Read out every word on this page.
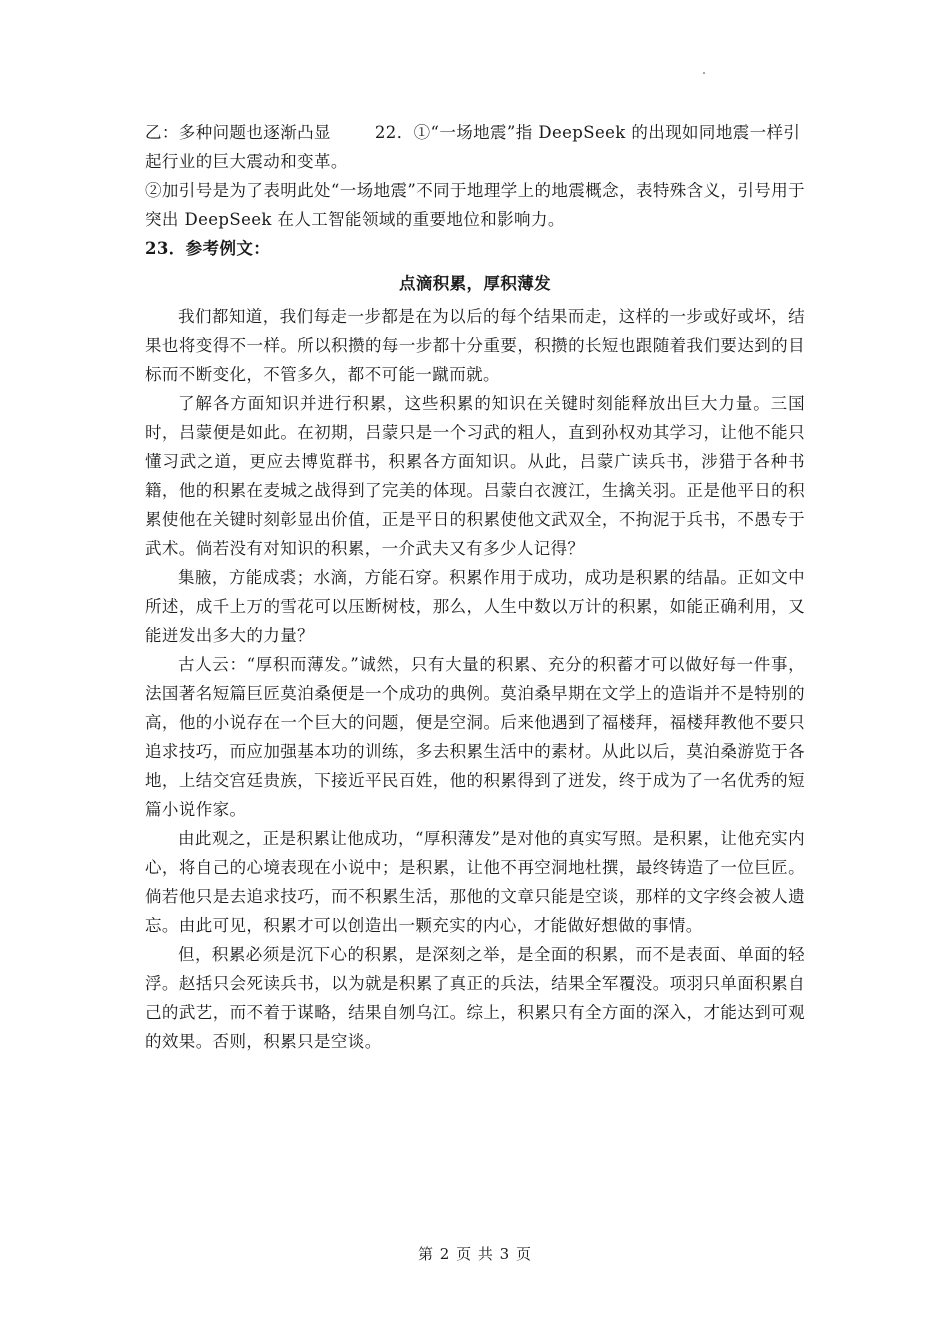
乙：多种问题也逐渐凸显	22．①“一场地震”指 DeepSeek 的出现如同地震一样引

起行业的巨大震动和变革。

②加引号是为了表明此处“一场地震”不同于地理学上的地震概念，表特殊含义，引号用于突出 DeepSeek 在人工智能领域的重要地位和影响力。

23．参考例文：

点滴积累，厚积薄发

我们都知道，我们每走一步都是在为以后的每个结果而走，这样的一步或好或坏，结果也将变得不一样。所以积攒的每一步都十分重要，积攒的长短也跟随着我们要达到的目标而不断变化，不管多久，都不可能一蹴而就。

了解各方面知识并进行积累，这些积累的知识在关键时刻能释放出巨大力量。三国时，吕蒙便是如此。在初期，吕蒙只是一个习武的粗人，直到孙权劝其学习，让他不能只懂习武之道，更应去博览群书，积累各方面知识。从此，吕蒙广读兵书，涉猎于各种书籍，他的积累在麦城之战得到了完美的体现。吕蒙白衣渡江，生擒关羽。正是他平日的积累使他在关键时刻彰显出价值，正是平日的积累使他文武双全，不拘泥于兵书，不愚专于武术。倘若没有对知识的积累，一介武夫又有多少人记得？

集腋，方能成裘；水滴，方能石穿。积累作用于成功，成功是积累的结晶。正如文中所述，成千上万的雪花可以压断树枝，那么，人生中数以万计的积累，如能正确利用，又能迸发出多大的力量？

古人云：“厚积而薄发。”诚然，只有大量的积累、充分的积蓄才可以做好每一件事，法国著名短篇巨匠莫泊桑便是一个成功的典例。莫泊桑早期在文学上的造诣并不是特别的高，他的小说存在一个巨大的问题，便是空洞。后来他遇到了福楼拜，福楼拜教他不要只追求技巧，而应加强基本功的训练，多去积累生活中的素材。从此以后，莫泊桑游览于各地，上结交宫廷贵族，下接近平民百姓，他的积累得到了迸发，终于成为了一名优秀的短篇小说作家。

由此观之，正是积累让他成功，“厚积薄发”是对他的真实写照。是积累，让他充实内心，将自己的心境表现在小说中；是积累，让他不再空洞地杜撰，最终铸造了一位巨匠。倘若他只是去追求技巧，而不积累生活，那他的文章只能是空谈，那样的文字终会被人遗忘。由此可见，积累才可以创造出一颗充实的内心，才能做好想做的事情。

但，积累必须是沉下心的积累，是深刻之举，是全面的积累，而不是表面、单面的轻浮。赵括只会死读兵书，以为就是积累了真正的兵法，结果全军覆没。项羽只单面积累自己的武艺，而不着于谋略，结果自刎乌江。综上，积累只有全方面的深入，才能达到可观的效果。否则，积累只是空谈。

第 2 页 共 3 页
